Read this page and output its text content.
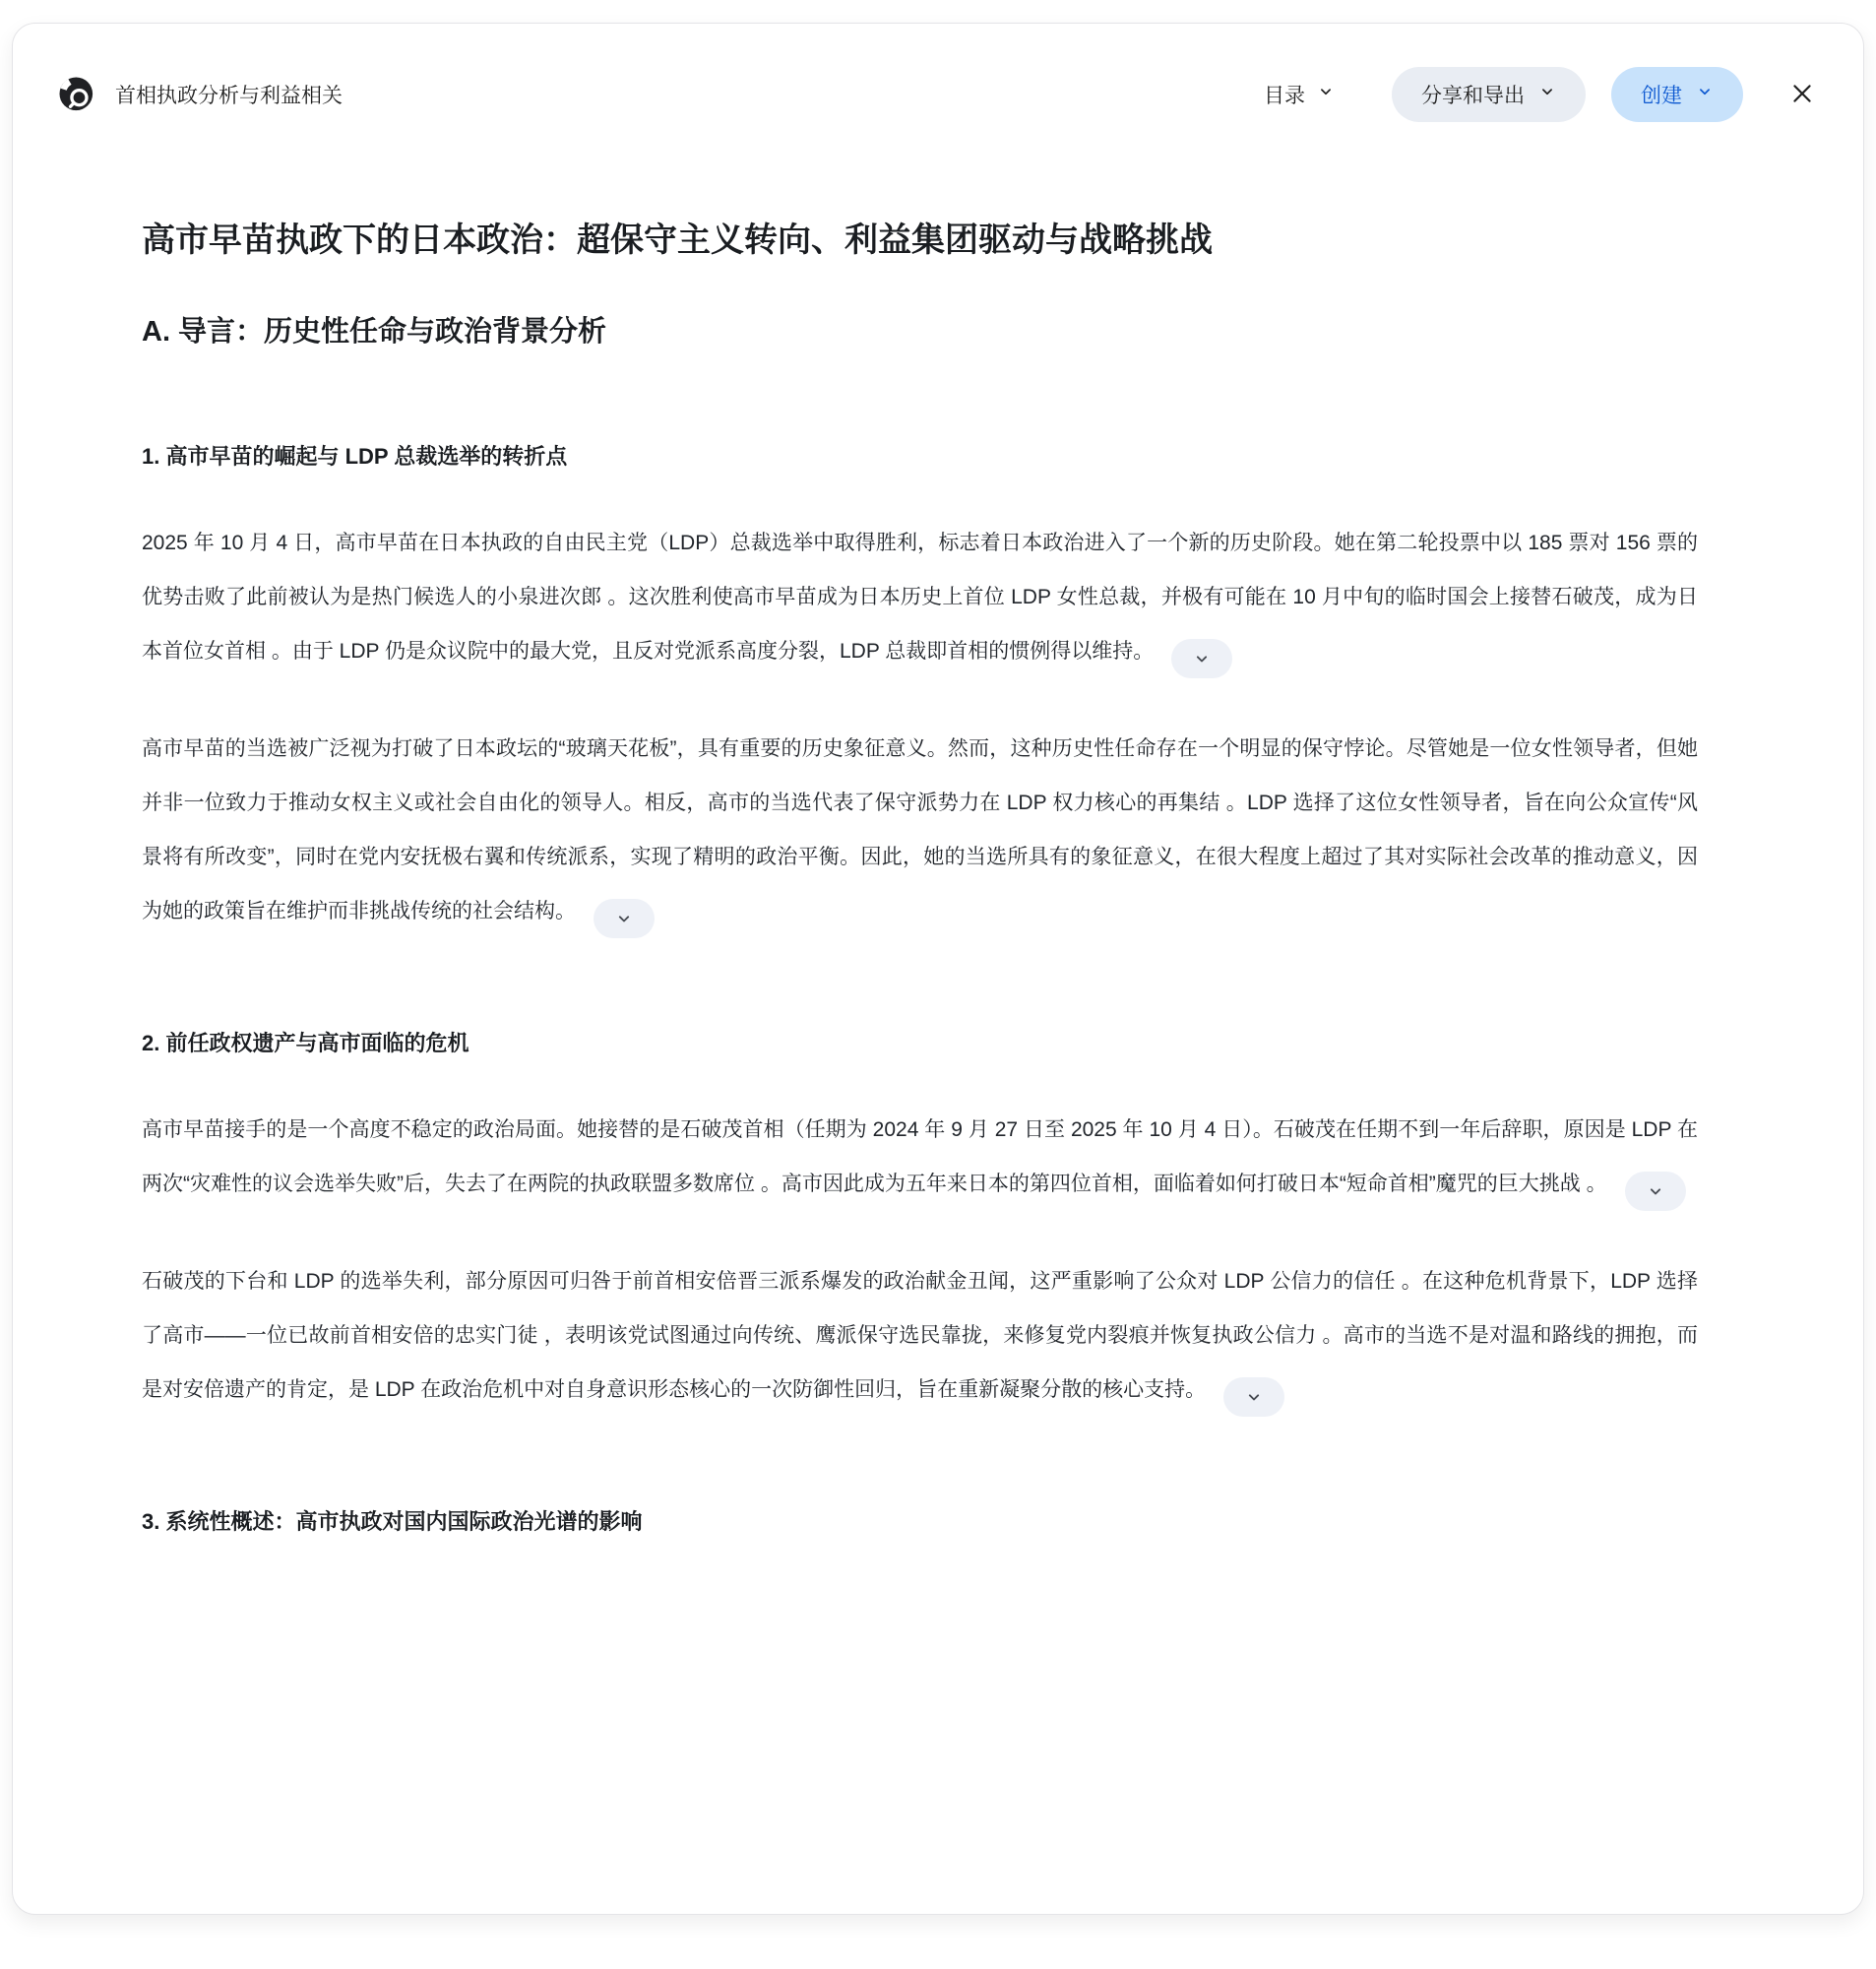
首相执政分析与利益相关	目录	分享和导出	创建
高市早苗执政下的日本政治：超保守主义转向、利益集团驱动与战略挑战
A. 导言：历史性任命与政治背景分析
1. 高市早苗的崛起与 LDP 总裁选举的转折点

2025 年 10 月 4 日，高市早苗在日本执政的自由民主党（LDP）总裁选举中取得胜利，标志着日本政治进入了一个新的历史阶段。她在第二轮投票中以 185 票对 156 票的优势击败了此前被认为是热门候选人的小泉进次郎 。这次胜利使高市早苗成为日本历史上首位 LDP 女性总裁，并极有可能在 10 月中旬的临时国会上接替石破茂，成为日本首位女首相 。由于 LDP 仍是众议院中的最大党，且反对党派系高度分裂，LDP 总裁即首相的惯例得以维持。

高市早苗的当选被广泛视为打破了日本政坛的“玻璃天花板”，具有重要的历史象征意义。然而，这种历史性任命存在一个明显的保守悖论。尽管她是一位女性领导者，但她并非一位致力于推动女权主义或社会自由化的领导人。相反，高市的当选代表了保守派势力在 LDP 权力核心的再集结 。LDP 选择了这位女性领导者，旨在向公众宣传“风景将有所改变”，同时在党内安抚极右翼和传统派系，实现了精明的政治平衡。因此，她的当选所具有的象征意义，在很大程度上超过了其对实际社会改革的推动意义，因为她的政策旨在维护而非挑战传统的社会结构。

2. 前任政权遗产与高市面临的危机

高市早苗接手的是一个高度不稳定的政治局面。她接替的是石破茂首相（任期为 2024 年 9 月 27 日至 2025 年 10 月 4 日）。石破茂在任期不到一年后辞职，原因是 LDP 在两次“灾难性的议会选举失败”后，失去了在两院的执政联盟多数席位 。高市因此成为五年来日本的第四位首相，面临着如何打破日本“短命首相”魔咒的巨大挑战 。

石破茂的下台和 LDP 的选举失利，部分原因可归咎于前首相安倍晋三派系爆发的政治献金丑闻，这严重影响了公众对 LDP 公信力的信任 。在这种危机背景下，LDP 选择了高市——一位已故前首相安倍的忠实门徒 ，表明该党试图通过向传统、鹰派保守选民靠拢，来修复党内裂痕并恢复执政公信力 。高市的当选不是对温和路线的拥抱，而是对安倍遗产的肯定，是 LDP 在政治危机中对自身意识形态核心的一次防御性回归，旨在重新凝聚分散的核心支持。

3. 系统性概述：高市执政对国内国际政治光谱的影响
